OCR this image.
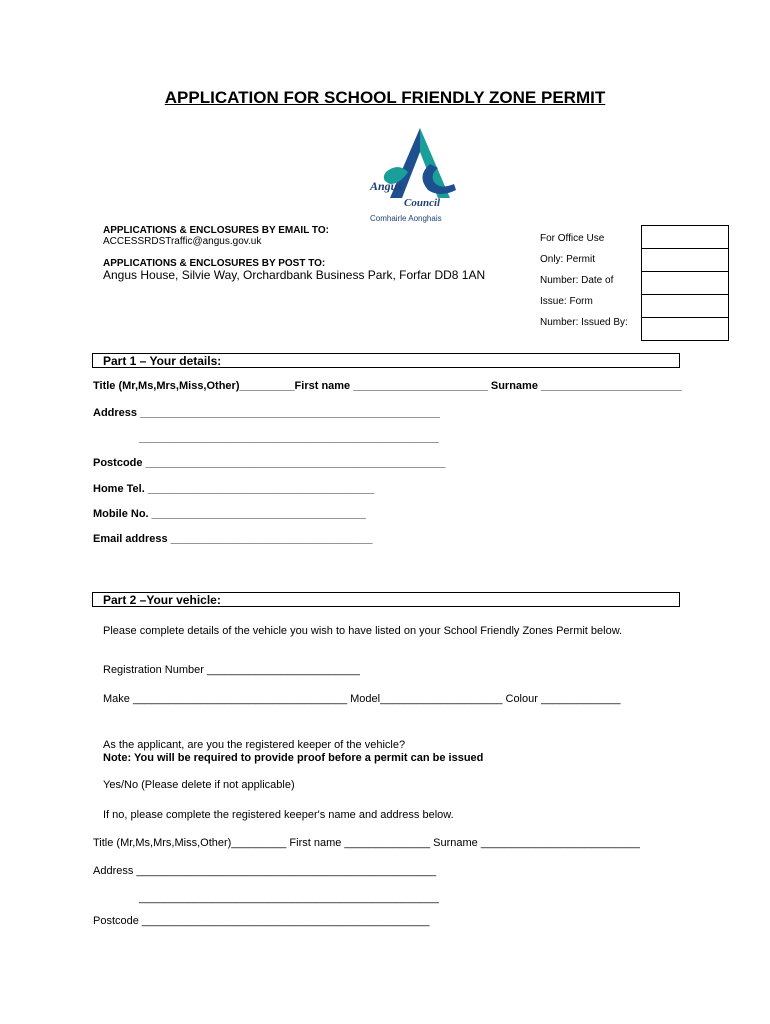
APPLICATION FOR SCHOOL FRIENDLY ZONE PERMIT
Angus
Council
Comhairle Aonghais
APPLICATIONS & ENCLOSURES BY EMAIL TO:
ACCESSRDSTraffic@angus.gov.uk
APPLICATIONS & ENCLOSURES BY POST TO:
Angus House, Silvie Way, Orchardbank Business Park, Forfar DD8 1AN
For Office Use
Only: Permit
Number: Date of
Issue: Form
Number: Issued By:

Part 1 – Your details:
Title (Mr,Ms,Mrs,Miss,Other)_________First name ______________________ Surname _______________________
Address _________________________________________________
_________________________________________________
Postcode _________________________________________________
Home Tel. _____________________________________
Mobile No. ___________________________________
Email address _________________________________
Part 2 –Your vehicle:
Please complete details of the vehicle you wish to have listed on your School Friendly Zones Permit below.
Registration Number _________________________
Make ___________________________________ Model____________________ Colour _____________
As the applicant, are you the registered keeper of the vehicle?
Note: You will be required to provide proof before a permit can be issued
Yes/No (Please delete if not applicable)
If no, please complete the registered keeper's name and address below.
Title (Mr,Ms,Mrs,Miss,Other)_________ First name ______________ Surname __________________________
Address _________________________________________________
_________________________________________________
Postcode _______________________________________________
